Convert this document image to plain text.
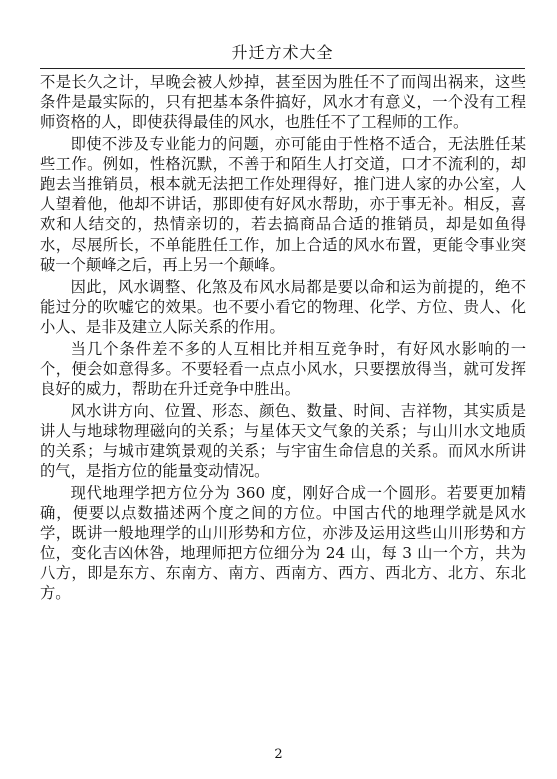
升迁方术大全

不是长久之计，早晚会被人炒掉，甚至因为胜任不了而闯出祸来，这些条件是最实际的，只有把基本条件搞好，风水才有意义，一个没有工程师资格的人，即使获得最佳的风水，也胜任不了工程师的工作。

即使不涉及专业能力的问题，亦可能由于性格不适合，无法胜任某些工作。例如，性格沉默，不善于和陌生人打交道，口才不流利的，却跑去当推销员，根本就无法把工作处理得好，推门进人家的办公室，人人望着他，他却不讲话，那即使有好风水帮助，亦于事无补。相反，喜欢和人结交的，热情亲切的，若去搞商品合适的推销员，却是如鱼得水，尽展所长，不单能胜任工作，加上合适的风水布置，更能令事业突破一个颠峰之后，再上另一个颠峰。

因此，风水调整、化煞及布风水局都是要以命和运为前提的，绝不能过分的吹嘘它的效果。也不要小看它的物理、化学、方位、贵人、化小人、是非及建立人际关系的作用。

当几个条件差不多的人互相比并相互竞争时，有好风水影响的一个，便会如意得多。不要轻看一点点小风水，只要摆放得当，就可发挥良好的威力，帮助在升迁竞争中胜出。

风水讲方向、位置、形态、颜色、数量、时间、吉祥物，其实质是讲人与地球物理磁向的关系；与星体天文气象的关系；与山川水文地质的关系；与城市建筑景观的关系；与宇宙生命信息的关系。而风水所讲的气，是指方位的能量变动情况。

现代地理学把方位分为 360 度，刚好合成一个圆形。若要更加精确，便要以点数描述两个度之间的方位。中国古代的地理学就是风水学，既讲一般地理学的山川形势和方位，亦涉及运用这些山川形势和方位，变化吉凶休咎，地理师把方位细分为 24 山，每 3 山一个方，共为八方，即是东方、东南方、南方、西南方、西方、西北方、北方、东北方。

2
